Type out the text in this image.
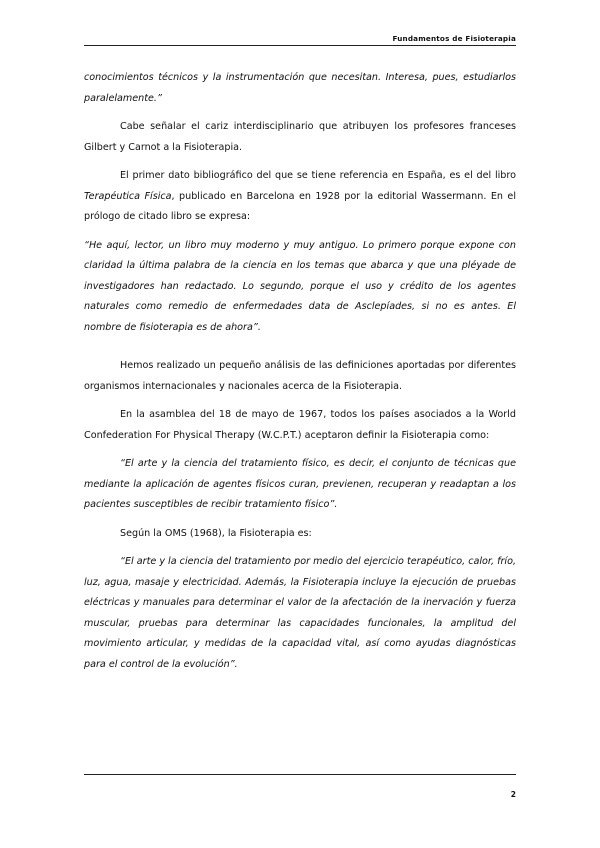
Fundamentos de Fisioterapia

conocimientos técnicos y la instrumentación que necesitan. Interesa, pues, estudiarlos paralelamente.”

Cabe señalar el cariz interdisciplinario que atribuyen los profesores franceses Gilbert y Carnot a la Fisioterapia.

El primer dato bibliográfico del que se tiene referencia en España, es el del libro Terapéutica Física, publicado en Barcelona en 1928 por la editorial Wassermann. En el prólogo de citado libro se expresa:

“He aquí, lector, un libro muy moderno y muy antiguo. Lo primero porque expone con claridad la última palabra de la ciencia en los temas que abarca y que una pléyade de investigadores han redactado. Lo segundo, porque el uso y crédito de los agentes naturales como remedio de enfermedades data de Asclepíades, si no es antes. El nombre de fisioterapia es de ahora”.

Hemos realizado un pequeño análisis de las definiciones aportadas por diferentes organismos internacionales y nacionales acerca de la Fisioterapia.

En la asamblea del 18 de mayo de 1967, todos los países asociados a la World Confederation For Physical Therapy (W.C.P.T.) aceptaron definir la Fisioterapia como:

“El arte y la ciencia del tratamiento físico, es decir, el conjunto de técnicas que mediante la aplicación de agentes físicos curan, previenen, recuperan y readaptan a los pacientes susceptibles de recibir tratamiento físico”.

Según la OMS (1968), la Fisioterapia es:

“El arte y la ciencia del tratamiento por medio del ejercicio terapéutico, calor, frío, luz, agua, masaje y electricidad. Además, la Fisioterapia incluye la ejecución de pruebas eléctricas y manuales para determinar el valor de la afectación de la inervación y fuerza muscular, pruebas para determinar las capacidades funcionales, la amplitud del movimiento articular, y medidas de la capacidad vital, así como ayudas diagnósticas para el control de la evolución”.

2
